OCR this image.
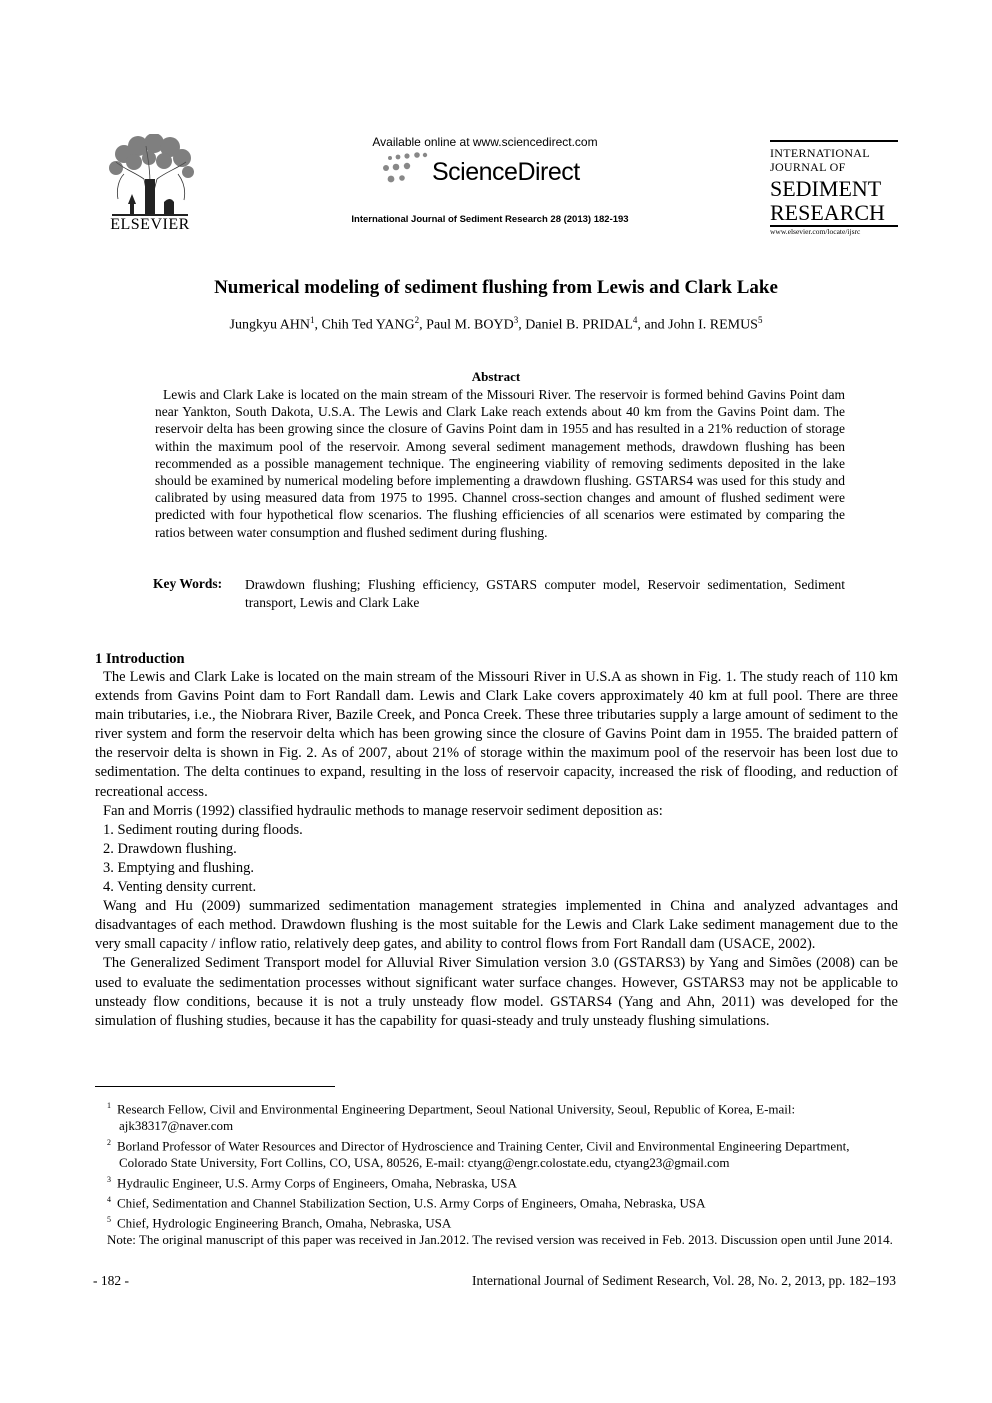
ELSEVIER
Available online at www.sciencedirect.com
ScienceDirect
International Journal of Sediment Research 28 (2013) 182-193
INTERNATIONAL
JOURNAL OF
SEDIMENT
RESEARCH
www.elsevier.com/locate/ijsrc
Numerical modeling of sediment flushing from Lewis and Clark Lake
Jungkyu AHN$^1$, Chih Ted YANG$^2$, Paul M. BOYD$^3$, Daniel B. PRIDAL$^4$, and John I. REMUS$^5$
Abstract
Lewis and Clark Lake is located on the main stream of the Missouri River. The reservoir is formed behind Gavins Point dam near Yankton, South Dakota, U.S.A. The Lewis and Clark Lake reach extends about 40 km from the Gavins Point dam. The reservoir delta has been growing since the closure of Gavins Point dam in 1955 and has resulted in a 21% reduction of storage within the maximum pool of the reservoir. Among several sediment management methods, drawdown flushing has been recommended as a possible management technique. The engineering viability of removing sediments deposited in the lake should be examined by numerical modeling before implementing a drawdown flushing. GSTARS4 was used for this study and calibrated by using measured data from 1975 to 1995. Channel cross-section changes and amount of flushed sediment were predicted with four hypothetical flow scenarios. The flushing efficiencies of all scenarios were estimated by comparing the ratios between water consumption and flushed sediment during flushing.
Key Words: Drawdown flushing; Flushing efficiency, GSTARS computer model, Reservoir sedimentation, Sediment transport, Lewis and Clark Lake
1 Introduction

The Lewis and Clark Lake is located on the main stream of the Missouri River in U.S.A as shown in Fig. 1. The study reach of 110 km extends from Gavins Point dam to Fort Randall dam. Lewis and Clark Lake covers approximately 40 km at full pool. There are three main tributaries, i.e., the Niobrara River, Bazile Creek, and Ponca Creek. These three tributaries supply a large amount of sediment to the river system and form the reservoir delta which has been growing since the closure of Gavins Point dam in 1955. The braided pattern of the reservoir delta is shown in Fig. 2. As of 2007, about 21% of storage within the maximum pool of the reservoir has been lost due to sedimentation. The delta continues to expand, resulting in the loss of reservoir capacity, increased the risk of flooding, and reduction of recreational access.

Fan and Morris (1992) classified hydraulic methods to manage reservoir sediment deposition as:

1. Sediment routing during floods.

2. Drawdown flushing.

3. Emptying and flushing.

4. Venting density current.

Wang and Hu (2009) summarized sedimentation management strategies implemented in China and analyzed advantages and disadvantages of each method. Drawdown flushing is the most suitable for the Lewis and Clark Lake sediment management due to the very small capacity / inflow ratio, relatively deep gates, and ability to control flows from Fort Randall dam (USACE, 2002).

The Generalized Sediment Transport model for Alluvial River Simulation version 3.0 (GSTARS3) by Yang and Simões (2008) can be used to evaluate the sedimentation processes without significant water surface changes. However, GSTARS3 may not be applicable to unsteady flow conditions, because it is not a truly unsteady flow model. GSTARS4 (Yang and Ahn, 2011) was developed for the simulation of flushing studies, because it has the capability for quasi-steady and truly unsteady flushing simulations.

$^1$ Research Fellow, Civil and Environmental Engineering Department, Seoul National University, Seoul, Republic of Korea, E-mail: ajk38317@naver.com

$^2$ Borland Professor of Water Resources and Director of Hydroscience and Training Center, Civil and Environmental Engineering Department, Colorado State University, Fort Collins, CO, USA, 80526, E-mail: ctyang@engr.colostate.edu, ctyang23@gmail.com

$^3$ Hydraulic Engineer, U.S. Army Corps of Engineers, Omaha, Nebraska, USA

$^4$ Chief, Sedimentation and Channel Stabilization Section, U.S. Army Corps of Engineers, Omaha, Nebraska, USA

$^5$ Chief, Hydrologic Engineering Branch, Omaha, Nebraska, USA

Note: The original manuscript of this paper was received in Jan.2012. The revised version was received in Feb. 2013. Discussion open until June 2014.

- 182 -	International Journal of Sediment Research, Vol. 28, No. 2, 2013, pp. 182–193
